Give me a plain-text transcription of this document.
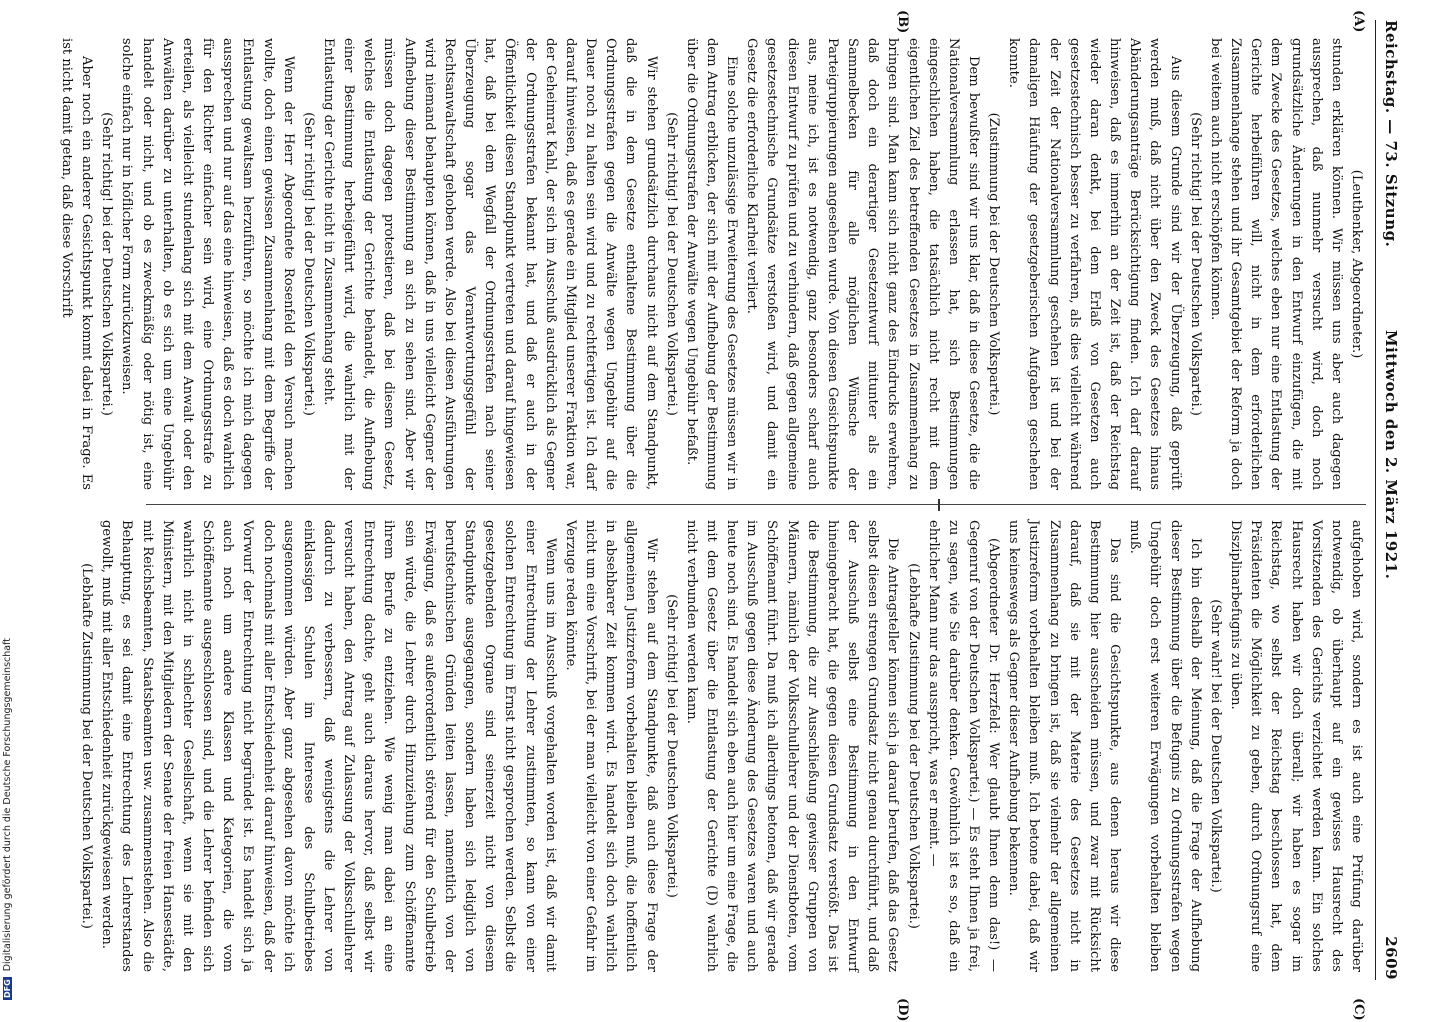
Reichstag. — 73. Sitzung.
Mittwoch den 2. März 1921.
2609
(A)
(B)
(C)
(D)

(Leuthenker, Abgeordneter.)

stunden erklären können. Wir müssen uns aber auch dagegen aussprechen, daß nunmehr versucht wird, doch noch grundsätzliche Änderungen in den Entwurf einzufügen, die mit dem Zwecke des Gesetzes, welches eben nur eine Entlastung der Gerichte herbeiführen will, nicht in dem erforderlichen Zusammenhange stehen und ihr Gesamtgebiet der Reform ja doch bei weitem auch nicht erschöpfen können.

(Sehr richtig! bei der Deutschen Volkspartei.)

Aus diesem Grunde sind wir der Überzeugung, daß geprüft werden muß, daß nicht über den Zweck des Gesetzes hinaus Abänderungsanträge Berücksichtigung finden. Ich darf darauf hinweisen, daß es immerhin an der Zeit ist, daß der Reichstag wieder daran denkt, bei dem Erlaß von Gesetzen auch gesetzestechnisch besser zu verfahren, als dies vielleicht während der Zeit der Nationalversammlung geschehen ist und bei der damaligen Häufung der gesetzgeberischen Aufgaben geschehen konnte.

(Zustimmung bei der Deutschen Volkspartei.)

Dem bewußter sind wir uns klar, daß in diese Gesetze, die die Nationalversammlung erlassen hat, sich Bestimmungen eingeschlichen haben, die tatsächlich nicht recht mit dem eigentlichen Ziel des betreffenden Gesetzes in Zusammenhang zu bringen sind. Man kann sich nicht ganz des Eindrucks erwehren, daß doch ein derartiger Gesetzentwurf mitunter als ein Sammelbecken für alle möglichen Wünsche der Parteigruppierungen angesehen wurde. Von diesen Gesichtspunkte aus, meine ich, ist es notwendig, ganz besonders scharf auch diesen Entwurf zu prüfen und zu verhindern, daß gegen allgemeine gesetzestechnische Grundsätze verstoßen wird, und damit ein Gesetz die erforderliche Klarheit verliert.

Eine solche unzulässige Erweiterung des Gesetzes müssen wir in dem Antrag erblicken, der sich mit der Aufhebung der Bestimmung über die Ordnungsstrafen der Anwälte wegen Ungebühr befaßt.

(Sehr richtig! bei der Deutschen Volkspartei.)

Wir stehen grundsätzlich durchaus nicht auf dem Standpunkt, daß die in dem Gesetze enthaltene Bestimmung über die Ordnungsstrafen gegen die Anwälte wegen Ungebühr auf die Dauer noch zu halten sein wird und zu rechtfertigen ist. Ich darf darauf hinweisen, daß es gerade ein Mitglied unserer Fraktion war, der Geheimrat Kahl, der sich im Ausschuß ausdrücklich als Gegner der Ordnungsstrafen bekannt hat, und daß er auch in der Öffentlichkeit diesen Standpunkt vertreten und darauf hingewiesen hat, daß bei dem Wegfall der Ordnungsstrafen nach seiner Überzeugung sogar das Verantwortungsgefühl der Rechtsanwaltschaft gehoben werde. Also bei diesen Ausführungen wird niemand behaupten können, daß in uns vielleicht Gegner der Aufhebung dieser Bestimmung an sich zu sehen sind. Aber wir müssen doch dagegen protestieren, daß bei diesem Gesetz, welches die Entlastung der Gerichte behandelt, die Aufhebung einer Bestimmung herbeigeführt wird, die wahrlich mit der Entlastung der Gerichte nicht in Zusammenhang steht.

(Sehr richtig! bei der Deutschen Volkspartei.)

Wenn der Herr Abgeordnete Rosenfeld den Versuch machen wollte, doch einen gewissen Zusammenhang mit dem Begriffe der Entlastung gewaltsam herzuführen, so möchte ich mich dagegen aussprechen und nur auf das eine hinweisen, daß es doch wahrlich für den Richter einfacher sein wird, eine Ordnungsstrafe zu erteilen, als vielleicht stundenlang sich mit dem Anwalt oder den Anwälten darüber zu unterhalten, ob es sich um eine Ungebühr handelt oder nicht, und ob es zweckmäßig oder nötig ist, eine solche einfach nur in höflicher Form zurückzuweisen.

(Sehr richtig! bei der Deutschen Volkspartei.)

Aber noch ein anderer Gesichtspunkt kommt dabei in Frage. Es ist nicht damit getan, daß diese Vorschrift

aufgehoben wird, sondern es ist auch eine Prüfung darüber notwendig, ob überhaupt auf ein gewisses Hausrecht des Vorsitzenden des Gerichts verzichtet werden kann. Ein solches Hausrecht haben wir doch überall; wir haben es sogar im Reichstag, wo selbst der Reichstag beschlossen hat, dem Präsidenten die Möglichkeit zu geben, durch Ordnungsruf eine Disziplinarbefugnis zu üben.

(Sehr wahr! bei der Deutschen Volkspartei.)

Ich bin deshalb der Meinung, daß die Frage der Aufhebung dieser Bestimmung über die Befugnis zu Ordnungsstrafen wegen Ungebühr doch erst weiteren Erwägungen vorbehalten bleiben muß.

Das sind die Gesichtspunkte, aus denen heraus wir diese Bestimmung hier ausscheiden müssen, und zwar mit Rücksicht darauf, daß sie mit der Materie des Gesetzes nicht in Zusammenhang zu bringen ist, daß sie vielmehr der allgemeinen Justizreform vorbehalten bleiben muß. Ich betone dabei, daß wir uns keineswegs als Gegner dieser Aufhebung bekennen.

(Abgeordneter Dr. Herzfeld: Wer glaubt Ihnen denn das!) — Gegenruf von der Deutschen Volkspartei.) — Es steht Ihnen ja frei, zu sagen, wie Sie darüber denken. Gewöhnlich ist es so, daß ein ehrlicher Mann nur das ausspricht, was er meint. —

(Lebhafte Zustimmung bei der Deutschen Volkspartei.)

Die Antragsteller können sich ja darauf berufen, daß das Gesetz selbst diesen strengen Grundsatz nicht genau durchführt, und daß der Ausschuß selbst eine Bestimmung in den Entwurf hineingebracht hat, die gegen diesen Grundsatz verstößt. Das ist die Bestimmung, die zur Ausschließung gewisser Gruppen von Männern, nämlich der Volksschullehrer und der Dienstboten, vom Schöffenamt führt. Da muß ich allerdings betonen, daß wir gerade im Ausschuß gegen diese Änderung des Gesetzes waren und auch heute noch sind. Es handelt sich eben auch hier um eine Frage, die mit dem Gesetz über die Entlastung der Gerichte (D) wahrlich nicht verbunden werden kann.

(Sehr richtig! bei der Deutschen Volkspartei.)

Wir stehen auf dem Standpunkte, daß auch diese Frage der allgemeinen Justizreform vorbehalten bleiben muß, die hoffentlich in absehbarer Zeit kommen wird. Es handelt sich doch wahrlich nicht um eine Vorschrift, bei der man vielleicht von einer Gefahr im Verzuge reden könnte.

Wenn uns im Ausschuß vorgehalten worden ist, daß wir damit einer Entrechtung der Lehrer zustimmten, so kann von einer solchen Entrechtung im Ernst nicht gesprochen werden. Selbst die gesetzgebenden Organe sind seinerzeit nicht von diesem Standpunkte ausgegangen, sondern haben sich lediglich von berufstechnischen Gründen leiten lassen, namentlich von der Erwägung, daß es außerordentlich störend für den Schulbetrieb sein würde, die Lehrer durch Hinzuziehung zum Schöffenamte ihrem Berufe zu entziehen. Wie wenig man dabei an eine Entrechtung dachte, geht auch daraus hervor, daß selbst wir versucht haben, den Antrag auf Zulassung der Volksschullehrer dadurch zu verbessern, daß wenigstens die Lehrer von einklassigen Schulen im Interesse des Schulbetriebes ausgenommen würden. Aber ganz abgesehen davon möchte ich doch nochmals mit aller Entschiedenheit darauf hinweisen, daß der Vorwurf der Entrechtung nicht begründet ist. Es handelt sich ja auch noch um andere Klassen und Kategorien, die vom Schöffenamte ausgeschlossen sind, und die Lehrer befinden sich wahrlich nicht in schlechter Gesellschaft, wenn sie mit den Ministern, mit den Mitgliedern der Senate der freien Hansestädte, mit Reichsbeamten, Staatsbeamten usw. zusammenstehen. Also die Behauptung, es sei damit eine Entrechtung des Lehrerstandes gewollt, muß mit aller Entschiedenheit zurückgewiesen werden.

(Lebhafte Zustimmung bei der Deutschen Volkspartei.)

DFG Digitalisierung gefördert durch die Deutsche Forschungsgemeinschaft
